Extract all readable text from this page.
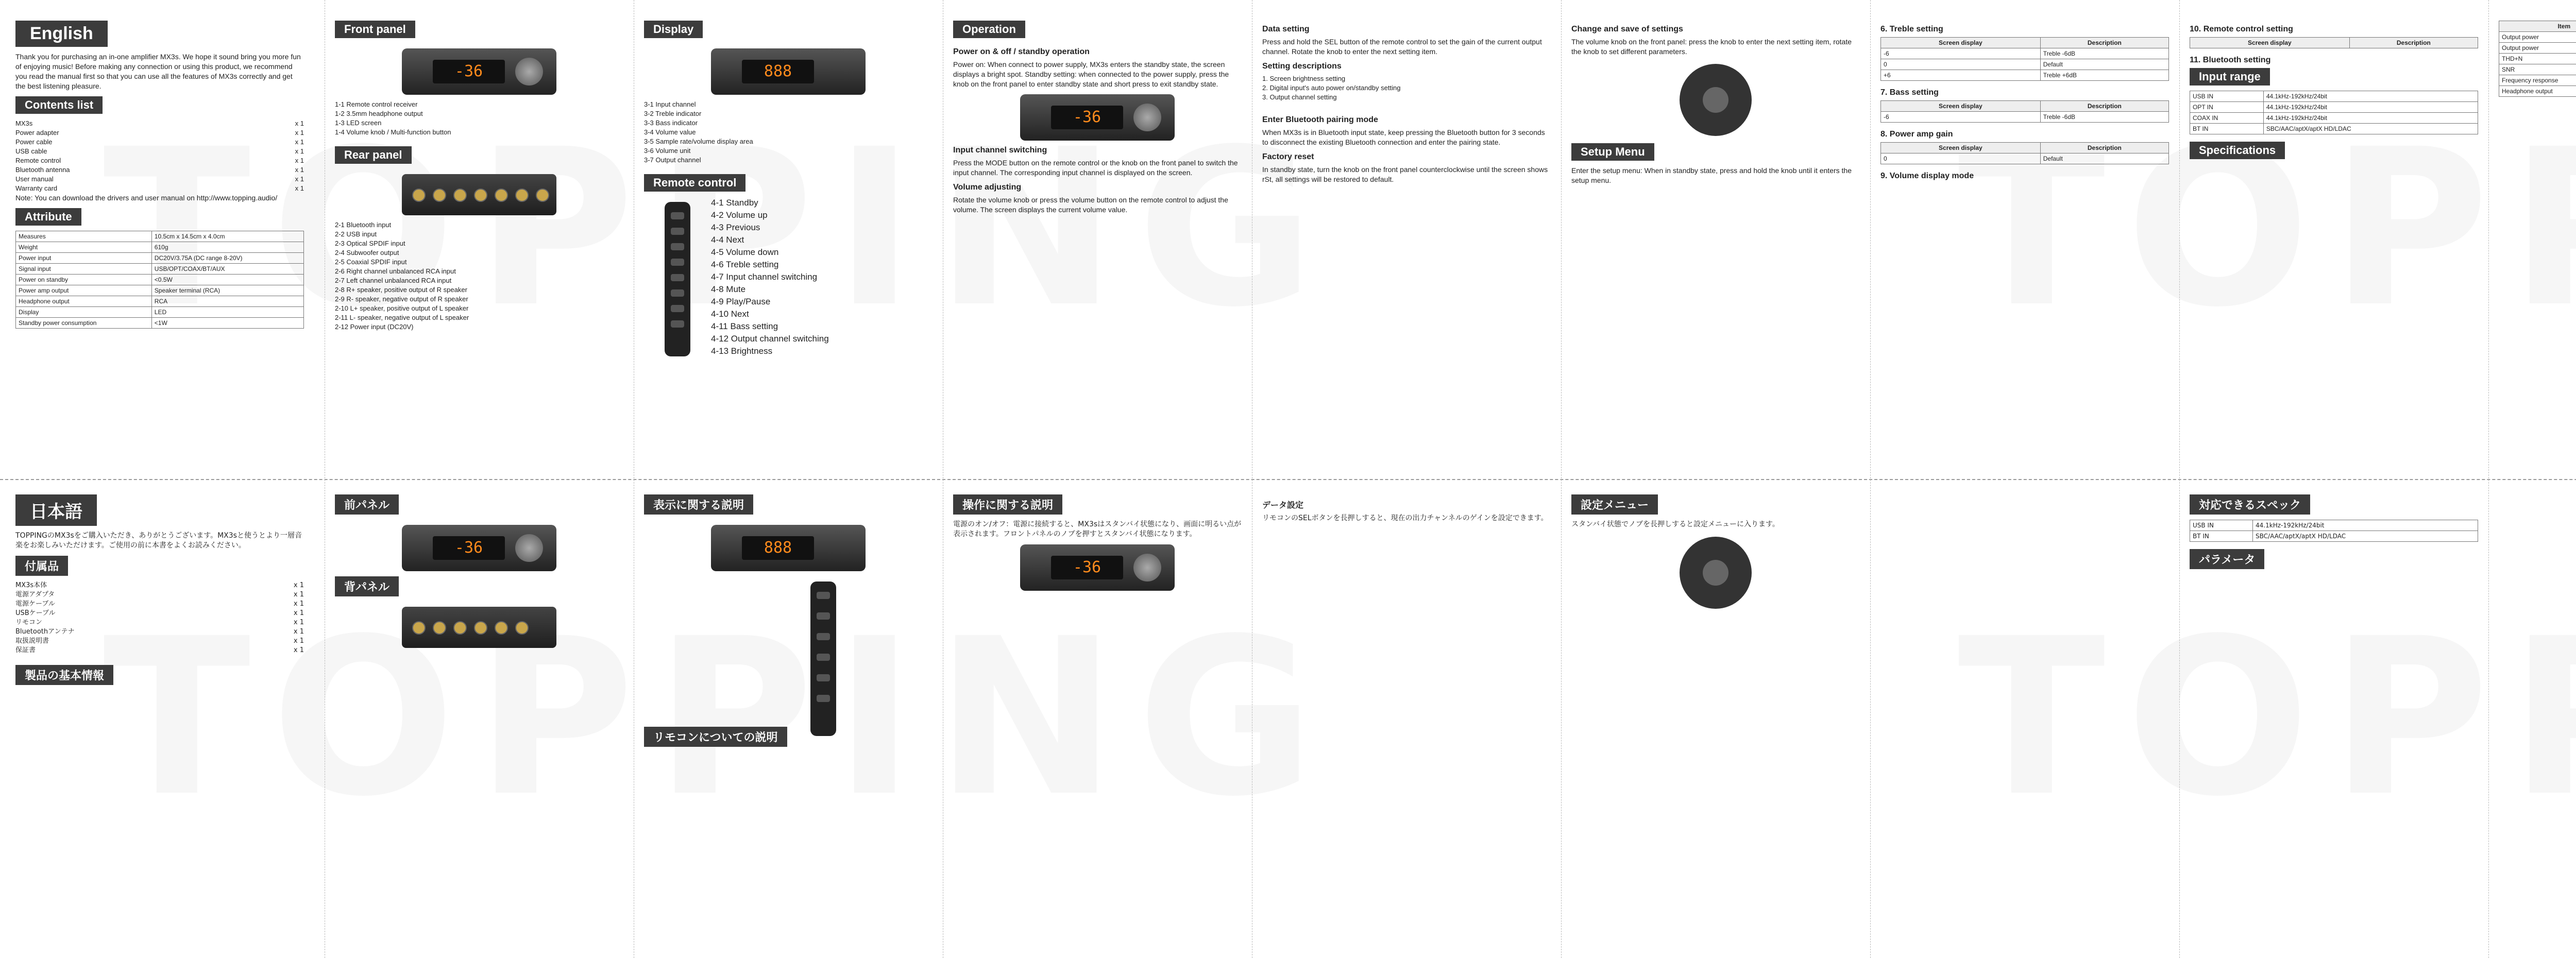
English

Thank you for purchasing an in-one amplifier MX3s. We hope it sound bring you more fun of enjoying music! Before making any connection or using this product, we recommend you read the manual first so that you can use all the features of MX3s correctly and get the best listening pleasure.

Contents list
MX3s	x 1
Power adapter	x 1
Power cable	x 1
USB cable	x 1
Remote control	x 1
Bluetooth antenna	x 1
User manual	x 1
Warranty card	x 1

Note: You can download the drivers and user manual on http://www.topping.audio/

Attribute
Measures	10.5cm x 14.5cm x 4.0cm
Weight	610g
Power input	DC20V/3.75A (DC range 8-20V)
Signal input	USB/OPT/COAX/BT/AUX
Power on standby	<0.5W
Power amp output	Speaker terminal (RCA)
Headphone output	RCA
Display	LED
Standby power consumption	<1W
Front panel
-36
1-1 Remote control receiver
1-2 3.5mm headphone output
1-3 LED screen
1-4 Volume knob / Multi-function button

Rear panel
2-1 Bluetooth input
2-2 USB input
2-3 Optical SPDIF input
2-4 Subwoofer output
2-5 Coaxial SPDIF input
2-6 Right channel unbalanced RCA input
2-7 Left channel unbalanced RCA input
2-8 R+ speaker, positive output of R speaker
2-9 R- speaker, negative output of R speaker
2-10 L+ speaker, positive output of L speaker
2-11 L- speaker, negative output of L speaker
2-12 Power input (DC20V)
Display
888
3-1 Input channel
3-2 Treble indicator
3-3 Bass indicator
3-4 Volume value
3-5 Sample rate/volume display area
3-6 Volume unit
3-7 Output channel

Remote control
4-1 Standby
4-2 Volume up
4-3 Previous
4-4 Next
4-5 Volume down
4-6 Treble setting
4-7 Input channel switching
4-8 Mute
4-9 Play/Pause
4-10 Next
4-11 Bass setting
4-12 Output channel switching
4-13 Brightness
Operation
Power on & off / standby operation

Power on: When connect to power supply, MX3s enters the standby state, the screen displays a bright spot. Standby setting: when connected to the power supply, press the knob on the front panel to enter standby state and short press to exit standby state.

-36
Input channel switching

Press the MODE button on the remote control or the knob on the front panel to switch the input channel. The corresponding input channel is displayed on the screen.

Volume adjusting

Rotate the volume knob or press the volume button on the remote control to adjust the volume. The screen displays the current volume value.

Data setting

Press and hold the SEL button of the remote control to set the gain of the current output channel. Rotate the knob to enter the next setting item.

Setting descriptions
1. Screen brightness setting
2. Digital input's auto power on/standby setting
3. Output channel setting

Enter Bluetooth pairing mode

When MX3s is in Bluetooth input state, keep pressing the Bluetooth button for 3 seconds to disconnect the existing Bluetooth connection and enter the pairing state.

Factory reset

In standby state, turn the knob on the front panel counterclockwise until the screen shows rSt, all settings will be restored to default.

Change and save of settings

The volume knob on the front panel: press the knob to enter the next setting item, rotate the knob to set different parameters.

Setup Menu

Enter the setup menu: When in standby state, press and hold the knob until it enters the setup menu.

6. Treble setting
Screen display	Description
-6	Treble -6dB
0	Default
+6	Treble +6dB
7. Bass setting
Screen display	Description
-6	Treble -6dB
8. Power amp gain
Screen display	Description
0	Default
9. Volume display mode
10. Remote control setting
Screen display	Description
11. Bluetooth setting
Input range
USB IN	44.1kHz-192kHz/24bit
OPT IN	44.1kHz-192kHz/24bit
COAX IN	44.1kHz-192kHz/24bit
BT IN	SBC/AAC/aptX/aptX HD/LDAC
Specifications
Item		
Output power		
Output power		
THD+N		
SNR		
Frequency response		
Headphone output		

日本語

TOPPINGのMX3sをご購入いただき、ありがとうございます。MX3sと使うとより一層音楽をお楽しみいただけます。ご使用の前に本書をよくお読みください。

付属品
MX3s本体	x 1
電源アダプタ	x 1
電源ケーブル	x 1
USBケーブル	x 1
リモコン	x 1
Bluetoothアンテナ	x 1
取扱説明書	x 1
保証書	x 1

製品の基本情報
前パネル
-36
背パネル
表示に関する説明
888
リモコンについての説明
操作に関する説明

電源のオン/オフ：電源に接続すると、MX3sはスタンバイ状態になり、画面に明るい点が表示されます。フロントパネルのノブを押すとスタンバイ状態になります。

-36
データ設定

リモコンのSELボタンを長押しすると、現在の出力チャンネルのゲインを設定できます。

設定メニュー

スタンバイ状態でノブを長押しすると設定メニューに入ります。

対応できるスペック
USB IN	44.1kHz-192kHz/24bit
BT IN	SBC/AAC/aptX/aptX HD/LDAC
パラメータ
